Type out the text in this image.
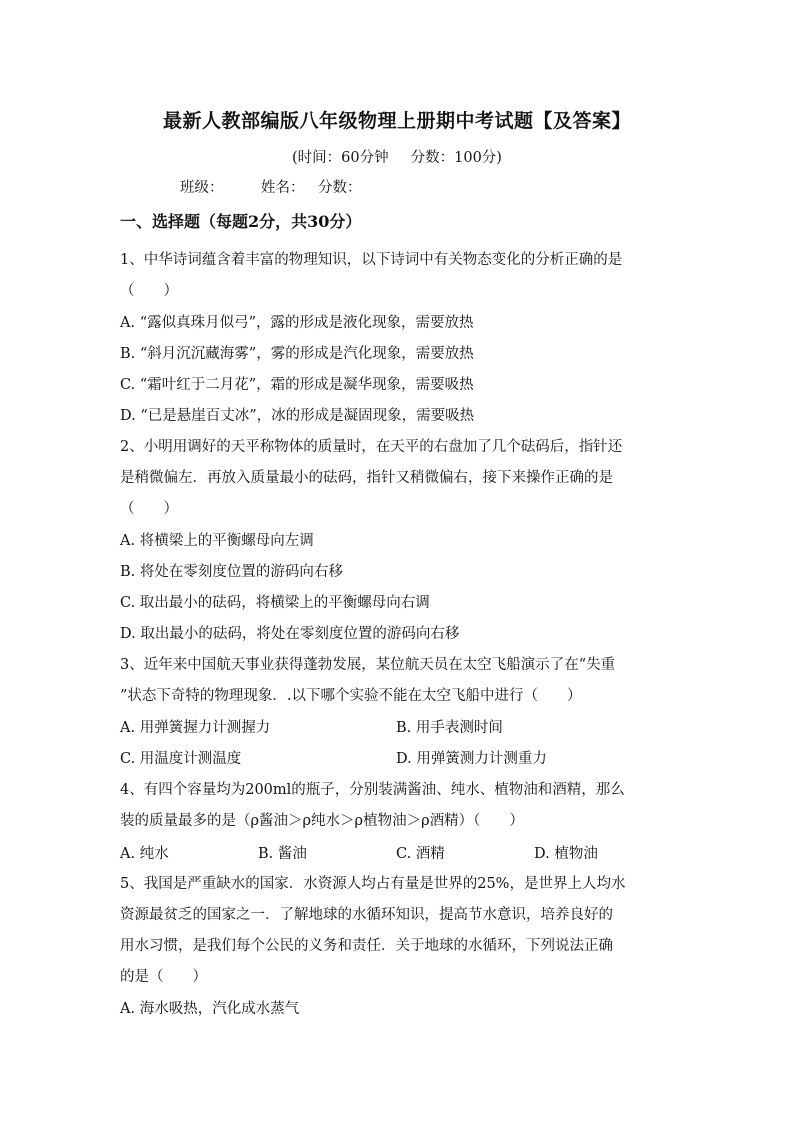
最新人教部编版八年级物理上册期中考试题【及答案】
(时间：60分钟 分数：100分)
班级：	姓名： 分数：
一、选择题（每题2分，共30分）
1、中华诗词蕴含着丰富的物理知识，以下诗词中有关物态变化的分析正确的是
（　　）
A. “露似真珠月似弓”，露的形成是液化现象，需要放热
B. “斜月沉沉藏海雾”，雾的形成是汽化现象，需要放热
C. “霜叶红于二月花”，霜的形成是凝华现象，需要吸热
D. “已是悬崖百丈冰”，冰的形成是凝固现象，需要吸热
2、小明用调好的天平称物体的质量时，在天平的右盘加了几个砝码后，指针还
是稍微偏左．再放入质量最小的砝码，指针又稍微偏右，接下来操作正确的是
（　　）
A. 将横梁上的平衡螺母向左调
B. 将处在零刻度位置的游码向右移
C. 取出最小的砝码，将横梁上的平衡螺母向右调
D. 取出最小的砝码，将处在零刻度位置的游码向右移
3、近年来中国航天事业获得蓬勃发展，某位航天员在太空飞船演示了在“失重
”状态下奇特的物理现象．.以下哪个实验不能在太空飞船中进行（　　）
A. 用弹簧握力计测握力	B. 用手表测时间
C. 用温度计测温度	D. 用弹簧测力计测重力
4、有四个容量均为200ml的瓶子，分别装满酱油、纯水、植物油和酒精，那么
装的质量最多的是（ρ酱油＞ρ纯水＞ρ植物油＞ρ酒精）（　　）
A. 纯水	B. 酱油	C. 酒精	D. 植物油
5、我国是严重缺水的国家．水资源人均占有量是世界的25%，是世界上人均水
资源最贫乏的国家之一．了解地球的水循环知识，提高节水意识，培养良好的
用水习惯，是我们每个公民的义务和责任．关于地球的水循环，下列说法正确
的是（　　）
A. 海水吸热，汽化成水蒸气
